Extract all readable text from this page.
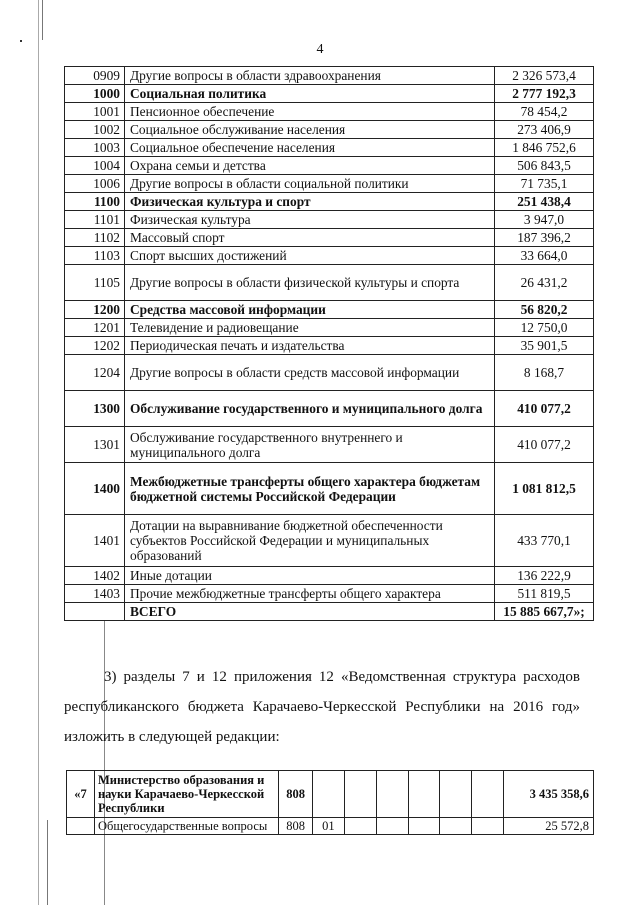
4
0909	Другие вопросы в области здравоохранения	2 326 573,4
1000	Социальная политика	2 777 192,3
1001	Пенсионное обеспечение	78 454,2
1002	Социальное обслуживание населения	273 406,9
1003	Социальное обеспечение населения	1 846 752,6
1004	Охрана семьи и детства	506 843,5
1006	Другие вопросы в области социальной политики	71 735,1
1100	Физическая культура и спорт	251 438,4
1101	Физическая культура	3 947,0
1102	Массовый спорт	187 396,2
1103	Спорт высших достижений	33 664,0
1105	Другие вопросы в области физической культуры и спорта	26 431,2
1200	Средства массовой информации	56 820,2
1201	Телевидение и радиовещание	12 750,0
1202	Периодическая печать и издательства	35 901,5
1204	Другие вопросы в области средств массовой информации	8 168,7
1300	Обслуживание государственного и муниципального долга	410 077,2
1301	Обслуживание государственного внутреннего и муниципального долга	410 077,2
1400	Межбюджетные трансферты общего характера бюджетам бюджетной системы Российской Федерации	1 081 812,5
1401	Дотации на выравнивание бюджетной обеспеченности субъектов Российской Федерации и муниципальных образований	433 770,1
1402	Иные дотации	136 222,9
1403	Прочие межбюджетные трансферты общего характера	511 819,5
	ВСЕГО	15 885 667,7»;
3) разделы 7 и 12 приложения 12 «Ведомственная структура расходов
республиканского бюджета Карачаево-Черкесской Республики на 2016 год»
изложить в следующей редакции:
«7	Министерство образования и науки Карачаево-Черкесской Республики	808							3 435 358,6
	Общегосударственные вопросы	808	01						25 572,8
